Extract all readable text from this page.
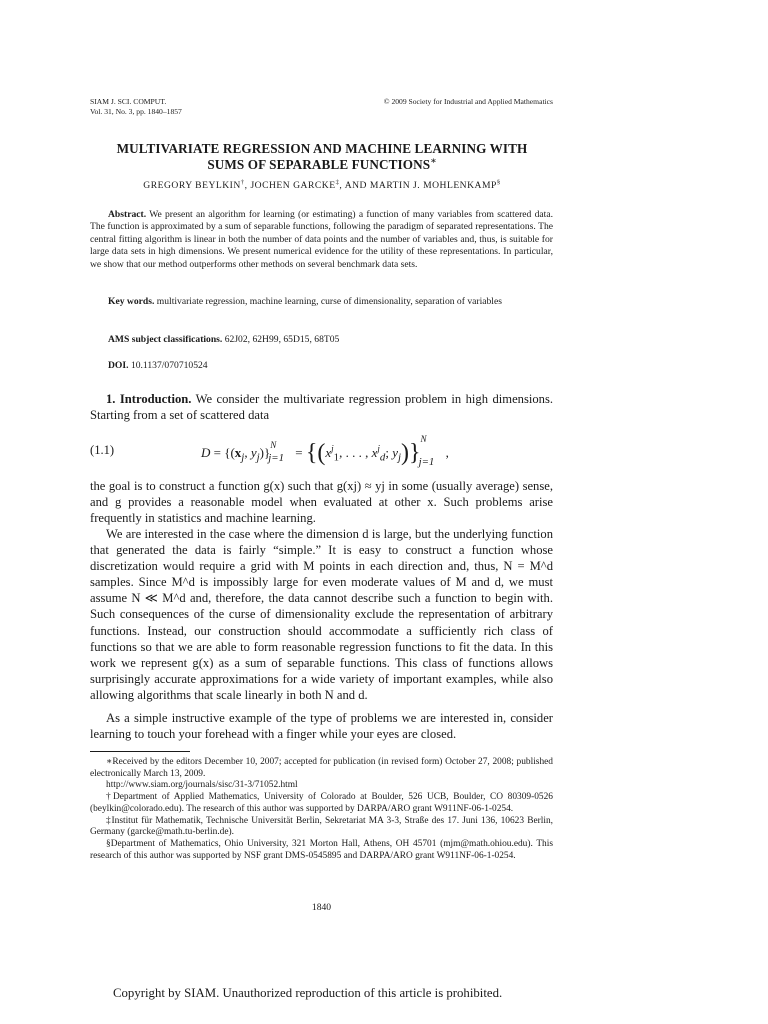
SIAM J. SCI. COMPUT.
Vol. 31, No. 3, pp. 1840–1857
© 2009 Society for Industrial and Applied Mathematics
MULTIVARIATE REGRESSION AND MACHINE LEARNING WITH
SUMS OF SEPARABLE FUNCTIONS∗
GREGORY BEYLKIN†, JOCHEN GARCKE‡, AND MARTIN J. MOHLENKAMP§
Abstract. We present an algorithm for learning (or estimating) a function of many variables from scattered data. The function is approximated by a sum of separable functions, following the paradigm of separated representations. The central fitting algorithm is linear in both the number of data points and the number of variables and, thus, is suitable for large data sets in high dimensions. We present numerical evidence for the utility of these representations. In particular, we show that our method outperforms other methods on several benchmark data sets.
Key words. multivariate regression, machine learning, curse of dimensionality, separation of variables
AMS subject classifications. 62J02, 62H99, 65D15, 68T05
DOI. 10.1137/070710524
1. Introduction. We consider the multivariate regression problem in high dimensions. Starting from a set of scattered data
(1.1)	$D = \{(x_j$, $y_j)\}^N_{j=1} = \{(x^j_1$, . . . , $x^j_d$; $y_j)\}^N_{j=1}$ ,
the goal is to construct a function g(x) such that g(xj) ≈ yj in some (usually average) sense, and g provides a reasonable model when evaluated at other x. Such problems arise frequently in statistics and machine learning.
We are interested in the case where the dimension d is large, but the underlying function that generated the data is fairly “simple.” It is easy to construct a function whose discretization would require a grid with M points in each direction and, thus, N = M^d samples. Since M^d is impossibly large for even moderate values of M and d, we must assume N ≪ M^d and, therefore, the data cannot describe such a function to begin with. Such consequences of the curse of dimensionality exclude the representation of arbitrary functions. Instead, our construction should accommodate a sufficiently rich class of functions so that we are able to form reasonable regression functions to fit the data. In this work we represent g(x) as a sum of separable functions. This class of functions allows surprisingly accurate approximations for a wide variety of important examples, while also allowing algorithms that scale linearly in both N and d.
As a simple instructive example of the type of problems we are interested in, consider learning to touch your forehead with a finger while your eyes are closed.
∗Received by the editors December 10, 2007; accepted for publication (in revised form) October 27, 2008; published electronically March 13, 2009.
http://www.siam.org/journals/sisc/31-3/71052.html
†Department of Applied Mathematics, University of Colorado at Boulder, 526 UCB, Boulder, CO 80309-0526 (beylkin@colorado.edu). The research of this author was supported by DARPA/ARO grant W911NF-06-1-0254.
‡Institut für Mathematik, Technische Universität Berlin, Sekretariat MA 3-3, Straße des 17. Juni 136, 10623 Berlin, Germany (garcke@math.tu-berlin.de).
§Department of Mathematics, Ohio University, 321 Morton Hall, Athens, OH 45701 (mjm@math.ohiou.edu). This research of this author was supported by NSF grant DMS-0545895 and DARPA/ARO grant W911NF-06-1-0254.
1840
Copyright by SIAM. Unauthorized reproduction of this article is prohibited.
